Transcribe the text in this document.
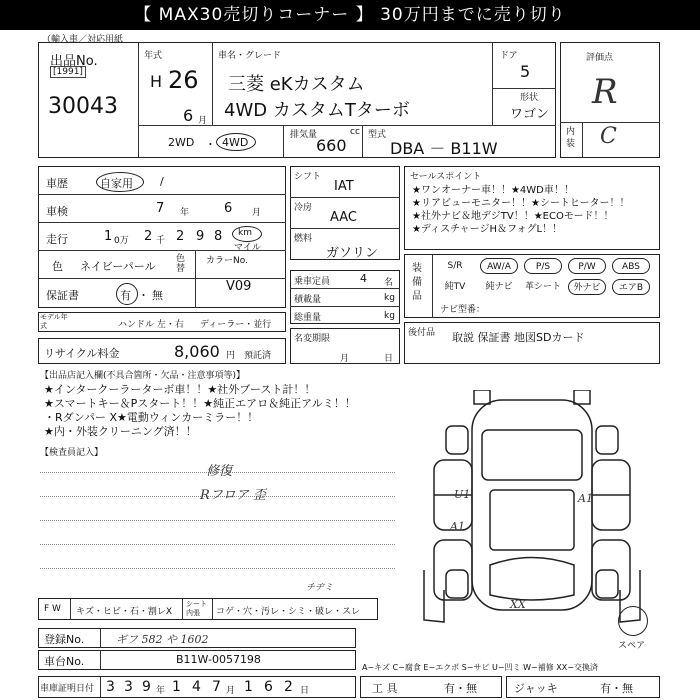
【 MAX30売切りコーナー 】 30万円までに売り切り
（輸入車／対応用紙
出品No.
[1991]
30043
年式
H 26
6 月
車名・グレード
三菱 eKカスタム
4WD カスタムTターボ
ドア
5
形状
ワゴン
評価点
R
内装 C
2WD ・ 4WD
排気量
660
cc 型式
DBA － B11W
車歴	自家用 /
車検	7 年	6 月
走行	1 0万 2 千 2 9 8 km
マイル
色 ネイビーパール
色替
カラーNo.
V09
保証書	有 ・ 無
モデル年式	ハンドル 左・右 ディーラー・並行
リサイクル料金	8,060 円 預託済
シフト
IAT
冷房
AAC
燃料
ガソリン
乗車定員	4 名
積載量	kg
総重量	kg
名変期限
月	日
セールスポイント
★ワンオーナー車！！★4WD車！！
★リアビューモニター！！★シートヒーター！！
★社外ナビ＆地デジTV！！★ECOモード！！
★ディスチャージH＆フォグL！！
装備品
S/R	AW/A	P/S	P/W	ABS
純TV	純ナビ	革シート	外ナビ	エアB
ナビ型番：
後付品 取説 保証書 地図SDカード
【出品店記入欄(不具合箇所・欠品・注意事項等)】
★インタークーラーターボ車！！★社外ブースト計！！
★スマートキー＆Pスタート！！★純正エアロ＆純正アルミ！！
・Rダンパー X★電動ウィンカーミラー！！
★内・外装クリーニング済！！
【検査員記入】
修復
Rフロア 歪	U1	A1
A1
XX
スペア
F W キズ・ヒビ・石・割レX
シート内張	コゲ・穴・汚レ・シミ・破レ・スレ
チヂミ
登録No.	ギフ 582 や 1602
車台No.	B11W-0057198
A−キズ C−腐食 E−エクボ S−サビ U−凹ミ W−補修 XX−交換済
車庫証明日付 3 3 9 年 1 4 7 月 1 6 2 日	工 具	有・無	ジャッキ	有・無
